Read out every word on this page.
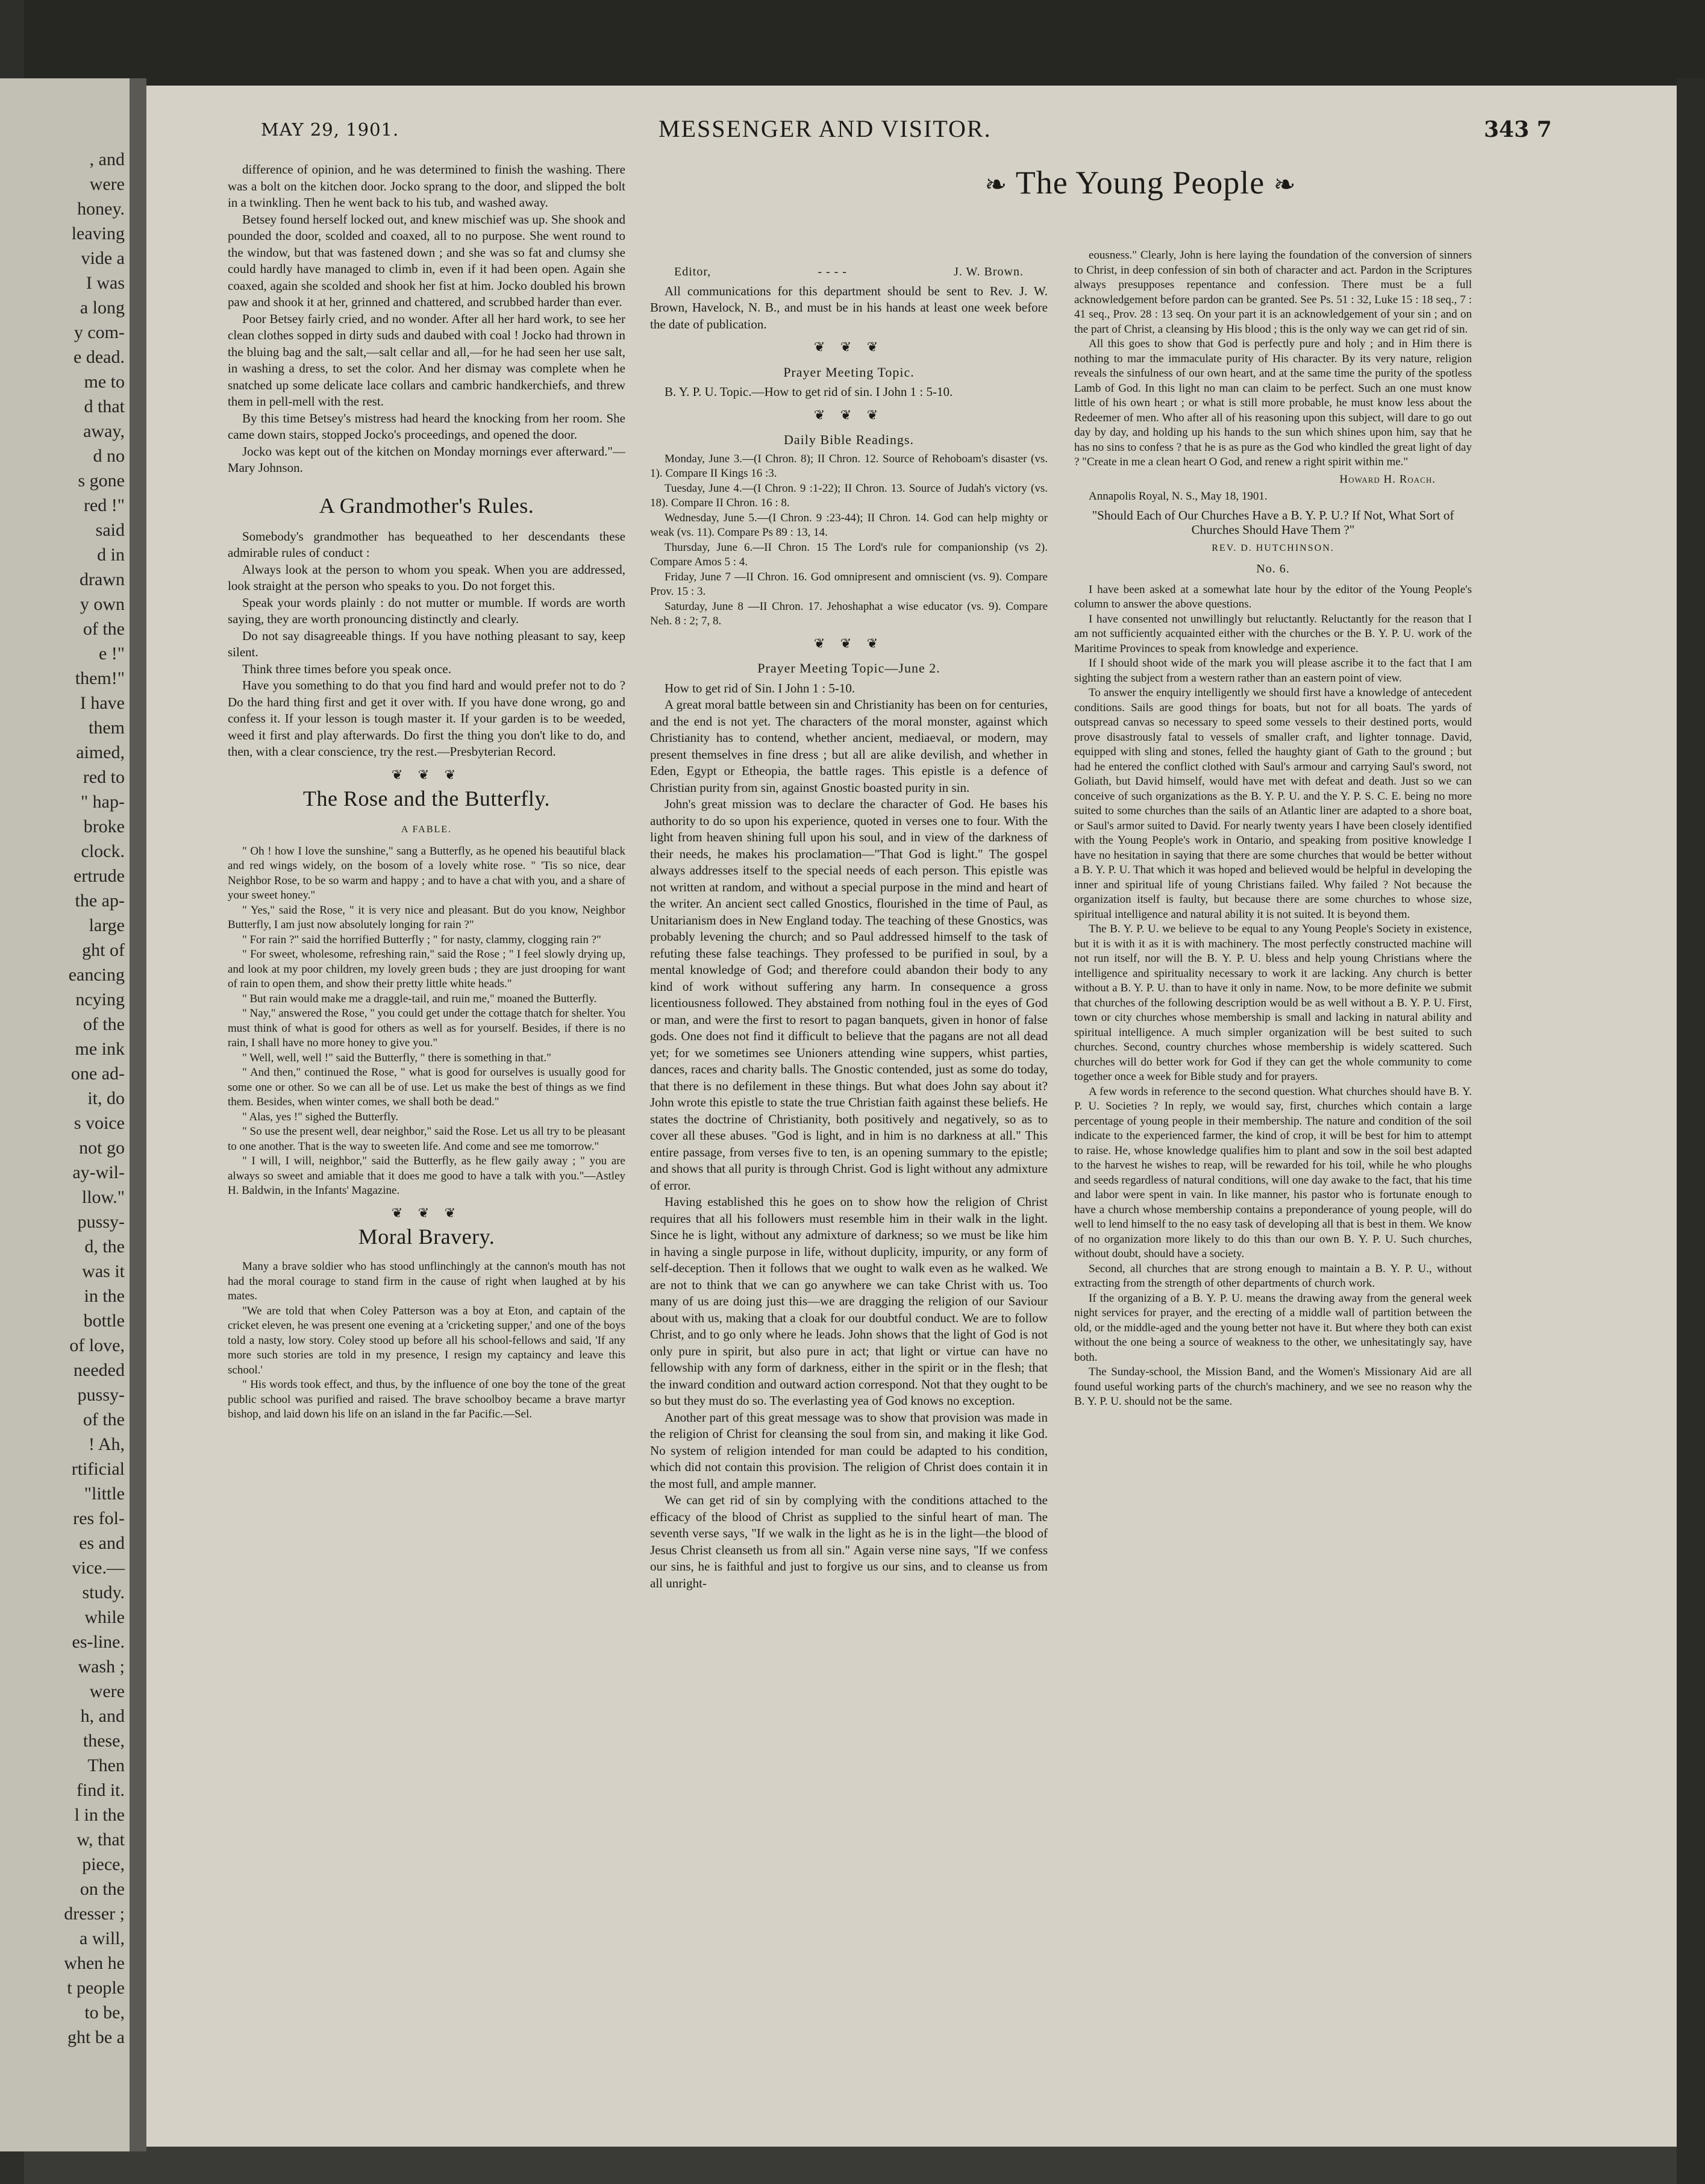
, and
were
honey.
leaving
vide a
I was
a long
y com-
e dead.
me to
d that
away,
d no
s gone
red !"
said
d in
drawn
y own
of the
e !"
them!"
I have
them
aimed,
red to
" hap-
broke
clock.
ertrude
the ap-
large
ght of
eancing
ncying
of the
me ink
one ad-
it, do
s voice
not go
ay-wil-
llow."
pussy-
d, the
was it
in the
bottle
of love,
needed
pussy-
of the
! Ah,
rtificial
"little
res fol-
es and
vice.—
study.
while
es-line.
wash ;
were
h, and
these,
Then
find it.
l in the
w, that
piece,
on the
dresser ;
a will,
when he
t people
to be,
ght be a
MAY 29, 1901.	MESSENGER AND VISITOR.	343 7
❧ The Young People ❧

difference of opinion, and he was determined to finish the washing. There was a bolt on the kitchen door. Jocko sprang to the door, and slipped the bolt in a twinkling. Then he went back to his tub, and washed away.

Betsey found herself locked out, and knew mischief was up. She shook and pounded the door, scolded and coaxed, all to no purpose. She went round to the window, but that was fastened down ; and she was so fat and clumsy she could hardly have managed to climb in, even if it had been open. Again she coaxed, again she scolded and shook her fist at him. Jocko doubled his brown paw and shook it at her, grinned and chattered, and scrubbed harder than ever.

Poor Betsey fairly cried, and no wonder. After all her hard work, to see her clean clothes sopped in dirty suds and daubed with coal ! Jocko had thrown in the bluing bag and the salt,—salt cellar and all,—for he had seen her use salt, in washing a dress, to set the color. And her dismay was complete when he snatched up some delicate lace collars and cambric handkerchiefs, and threw them in pell-mell with the rest.

By this time Betsey's mistress had heard the knocking from her room. She came down stairs, stopped Jocko's proceedings, and opened the door.

Jocko was kept out of the kitchen on Monday mornings ever afterward."—Mary Johnson.

A Grandmother's Rules.

Somebody's grandmother has bequeathed to her descendants these admirable rules of conduct :

Always look at the person to whom you speak. When you are addressed, look straight at the person who speaks to you. Do not forget this.

Speak your words plainly : do not mutter or mumble. If words are worth saying, they are worth pronouncing distinctly and clearly.

Do not say disagreeable things. If you have nothing pleasant to say, keep silent.

Think three times before you speak once.

Have you something to do that you find hard and would prefer not to do ? Do the hard thing first and get it over with. If you have done wrong, go and confess it. If your lesson is tough master it. If your garden is to be weeded, weed it first and play afterwards. Do first the thing you don't like to do, and then, with a clear conscience, try the rest.—Presbyterian Record.

❦ ❦ ❦
The Rose and the Butterfly.
A FABLE.

" Oh ! how I love the sunshine," sang a Butterfly, as he opened his beautiful black and red wings widely, on the bosom of a lovely white rose. " 'Tis so nice, dear Neighbor Rose, to be so warm and happy ; and to have a chat with you, and a share of your sweet honey."

" Yes," said the Rose, " it is very nice and pleasant. But do you know, Neighbor Butterfly, I am just now absolutely longing for rain ?"

" For rain ?" said the horrified Butterfly ; " for nasty, clammy, clogging rain ?"

" For sweet, wholesome, refreshing rain," said the Rose ; " I feel slowly drying up, and look at my poor children, my lovely green buds ; they are just drooping for want of rain to open them, and show their pretty little white heads."

" But rain would make me a draggle-tail, and ruin me," moaned the Butterfly.

" Nay," answered the Rose, " you could get under the cottage thatch for shelter. You must think of what is good for others as well as for yourself. Besides, if there is no rain, I shall have no more honey to give you."

" Well, well, well !" said the Butterfly, " there is something in that."

" And then," continued the Rose, " what is good for ourselves is usually good for some one or other. So we can all be of use. Let us make the best of things as we find them. Besides, when winter comes, we shall both be dead."

" Alas, yes !" sighed the Butterfly.

" So use the present well, dear neighbor," said the Rose. Let us all try to be pleasant to one another. That is the way to sweeten life. And come and see me tomorrow."

" I will, I will, neighbor," said the Butterfly, as he flew gaily away ; " you are always so sweet and amiable that it does me good to have a talk with you."—Astley H. Baldwin, in the Infants' Magazine.

❦ ❦ ❦
Moral Bravery.

Many a brave soldier who has stood unflinchingly at the cannon's mouth has not had the moral courage to stand firm in the cause of right when laughed at by his mates.

"We are told that when Coley Patterson was a boy at Eton, and captain of the cricket eleven, he was present one evening at a 'cricketing supper,' and one of the boys told a nasty, low story. Coley stood up before all his school-fellows and said, 'If any more such stories are told in my presence, I resign my captaincy and leave this school.'

" His words took effect, and thus, by the influence of one boy the tone of the great public school was purified and raised. The brave schoolboy became a brave martyr bishop, and laid down his life on an island in the far Pacific.—Sel.

Editor,	- - - -	J. W. Brown.

All communications for this department should be sent to Rev. J. W. Brown, Havelock, N. B., and must be in his hands at least one week before the date of publication.

❦ ❦ ❦
Prayer Meeting Topic.

B. Y. P. U. Topic.—How to get rid of sin. I John 1 : 5-10.

❦ ❦ ❦
Daily Bible Readings.

Monday, June 3.—(I Chron. 8); II Chron. 12. Source of Rehoboam's disaster (vs. 1). Compare II Kings 16 :3.

Tuesday, June 4.—(I Chron. 9 :1-22); II Chron. 13. Source of Judah's victory (vs. 18). Compare II Chron. 16 : 8.

Wednesday, June 5.—(I Chron. 9 :23-44); II Chron. 14. God can help mighty or weak (vs. 11). Compare Ps 89 : 13, 14.

Thursday, June 6.—II Chron. 15 The Lord's rule for companionship (vs 2). Compare Amos 5 : 4.

Friday, June 7 —II Chron. 16. God omnipresent and omniscient (vs. 9). Compare Prov. 15 : 3.

Saturday, June 8 —II Chron. 17. Jehoshaphat a wise educator (vs. 9). Compare Neh. 8 : 2; 7, 8.

❦ ❦ ❦
Prayer Meeting Topic—June 2.

How to get rid of Sin. I John 1 : 5-10.

A great moral battle between sin and Christianity has been on for centuries, and the end is not yet. The characters of the moral monster, against which Christianity has to contend, whether ancient, mediaeval, or modern, may present themselves in fine dress ; but all are alike devilish, and whether in Eden, Egypt or Etheopia, the battle rages. This epistle is a defence of Christian purity from sin, against Gnostic boasted purity in sin.

John's great mission was to declare the character of God. He bases his authority to do so upon his experience, quoted in verses one to four. With the light from heaven shining full upon his soul, and in view of the darkness of their needs, he makes his proclamation—"That God is light." The gospel always addresses itself to the special needs of each person. This epistle was not written at random, and without a special purpose in the mind and heart of the writer. An ancient sect called Gnostics, flourished in the time of Paul, as Unitarianism does in New England today. The teaching of these Gnostics, was probably levening the church; and so Paul addressed himself to the task of refuting these false teachings. They professed to be purified in soul, by a mental knowledge of God; and therefore could abandon their body to any kind of work without suffering any harm. In consequence a gross licentiousness followed. They abstained from nothing foul in the eyes of God or man, and were the first to resort to pagan banquets, given in honor of false gods. One does not find it difficult to believe that the pagans are not all dead yet; for we sometimes see Unioners attending wine suppers, whist parties, dances, races and charity balls. The Gnostic contended, just as some do today, that there is no defilement in these things. But what does John say about it? John wrote this epistle to state the true Christian faith against these beliefs. He states the doctrine of Christianity, both positively and negatively, so as to cover all these abuses. "God is light, and in him is no darkness at all." This entire passage, from verses five to ten, is an opening summary to the epistle; and shows that all purity is through Christ. God is light without any admixture of error.

Having established this he goes on to show how the religion of Christ requires that all his followers must resemble him in their walk in the light. Since he is light, without any admixture of darkness; so we must be like him in having a single purpose in life, without duplicity, impurity, or any form of self-deception. Then it follows that we ought to walk even as he walked. We are not to think that we can go anywhere we can take Christ with us. Too many of us are doing just this—we are dragging the religion of our Saviour about with us, making that a cloak for our doubtful conduct. We are to follow Christ, and to go only where he leads. John shows that the light of God is not only pure in spirit, but also pure in act; that light or virtue can have no fellowship with any form of darkness, either in the spirit or in the flesh; that the inward condition and outward action correspond. Not that they ought to be so but they must do so. The everlasting yea of God knows no exception.

Another part of this great message was to show that provision was made in the religion of Christ for cleansing the soul from sin, and making it like God. No system of religion intended for man could be adapted to his condition, which did not contain this provision. The religion of Christ does contain it in the most full, and ample manner.

We can get rid of sin by complying with the conditions attached to the efficacy of the blood of Christ as supplied to the sinful heart of man. The seventh verse says, "If we walk in the light as he is in the light—the blood of Jesus Christ cleanseth us from all sin." Again verse nine says, "If we confess our sins, he is faithful and just to forgive us our sins, and to cleanse us from all unright-

eousness." Clearly, John is here laying the foundation of the conversion of sinners to Christ, in deep confession of sin both of character and act. Pardon in the Scriptures always presupposes repentance and confession. There must be a full acknowledgement before pardon can be granted. See Ps. 51 : 32, Luke 15 : 18 seq., 7 : 41 seq., Prov. 28 : 13 seq. On your part it is an acknowledgement of your sin ; and on the part of Christ, a cleansing by His blood ; this is the only way we can get rid of sin.

All this goes to show that God is perfectly pure and holy ; and in Him there is nothing to mar the immaculate purity of His character. By its very nature, religion reveals the sinfulness of our own heart, and at the same time the purity of the spotless Lamb of God. In this light no man can claim to be perfect. Such an one must know little of his own heart ; or what is still more probable, he must know less about the Redeemer of men. Who after all of his reasoning upon this subject, will dare to go out day by day, and holding up his hands to the sun which shines upon him, say that he has no sins to confess ? that he is as pure as the God who kindled the great light of day ? "Create in me a clean heart O God, and renew a right spirit within me."

Howard H. Roach.

Annapolis Royal, N. S., May 18, 1901.

"Should Each of Our Churches Have a B. Y. P. U.? If Not, What Sort of Churches Should Have Them ?"

REV. D. HUTCHINSON.
No. 6.

I have been asked at a somewhat late hour by the editor of the Young People's column to answer the above questions.

I have consented not unwillingly but reluctantly. Reluctantly for the reason that I am not sufficiently acquainted either with the churches or the B. Y. P. U. work of the Maritime Provinces to speak from knowledge and experience.

If I should shoot wide of the mark you will please ascribe it to the fact that I am sighting the subject from a western rather than an eastern point of view.

To answer the enquiry intelligently we should first have a knowledge of antecedent conditions. Sails are good things for boats, but not for all boats. The yards of outspread canvas so necessary to speed some vessels to their destined ports, would prove disastrously fatal to vessels of smaller craft, and lighter tonnage. David, equipped with sling and stones, felled the haughty giant of Gath to the ground ; but had he entered the conflict clothed with Saul's armour and carrying Saul's sword, not Goliath, but David himself, would have met with defeat and death. Just so we can conceive of such organizations as the B. Y. P. U. and the Y. P. S. C. E. being no more suited to some churches than the sails of an Atlantic liner are adapted to a shore boat, or Saul's armor suited to David. For nearly twenty years I have been closely identified with the Young People's work in Ontario, and speaking from positive knowledge I have no hesitation in saying that there are some churches that would be better without a B. Y. P. U. That which it was hoped and believed would be helpful in developing the inner and spiritual life of young Christians failed. Why failed ? Not because the organization itself is faulty, but because there are some churches to whose size, spiritual intelligence and natural ability it is not suited. It is beyond them.

The B. Y. P. U. we believe to be equal to any Young People's Society in existence, but it is with it as it is with machinery. The most perfectly constructed machine will not run itself, nor will the B. Y. P. U. bless and help young Christians where the intelligence and spirituality necessary to work it are lacking. Any church is better without a B. Y. P. U. than to have it only in name. Now, to be more definite we submit that churches of the following description would be as well without a B. Y. P. U. First, town or city churches whose membership is small and lacking in natural ability and spiritual intelligence. A much simpler organization will be best suited to such churches. Second, country churches whose membership is widely scattered. Such churches will do better work for God if they can get the whole community to come together once a week for Bible study and for prayers.

A few words in reference to the second question. What churches should have B. Y. P. U. Societies ? In reply, we would say, first, churches which contain a large percentage of young people in their membership. The nature and condition of the soil indicate to the experienced farmer, the kind of crop, it will be best for him to attempt to raise. He, whose knowledge qualifies him to plant and sow in the soil best adapted to the harvest he wishes to reap, will be rewarded for his toil, while he who ploughs and seeds regardless of natural conditions, will one day awake to the fact, that his time and labor were spent in vain. In like manner, his pastor who is fortunate enough to have a church whose membership contains a preponderance of young people, will do well to lend himself to the no easy task of developing all that is best in them. We know of no organization more likely to do this than our own B. Y. P. U. Such churches, without doubt, should have a society.

Second, all churches that are strong enough to maintain a B. Y. P. U., without extracting from the strength of other departments of church work.

If the organizing of a B. Y. P. U. means the drawing away from the general week night services for prayer, and the erecting of a middle wall of partition between the old, or the middle-aged and the young better not have it. But where they both can exist without the one being a source of weakness to the other, we unhesitatingly say, have both.

The Sunday-school, the Mission Band, and the Women's Missionary Aid are all found useful working parts of the church's machinery, and we see no reason why the B. Y. P. U. should not be the same.
